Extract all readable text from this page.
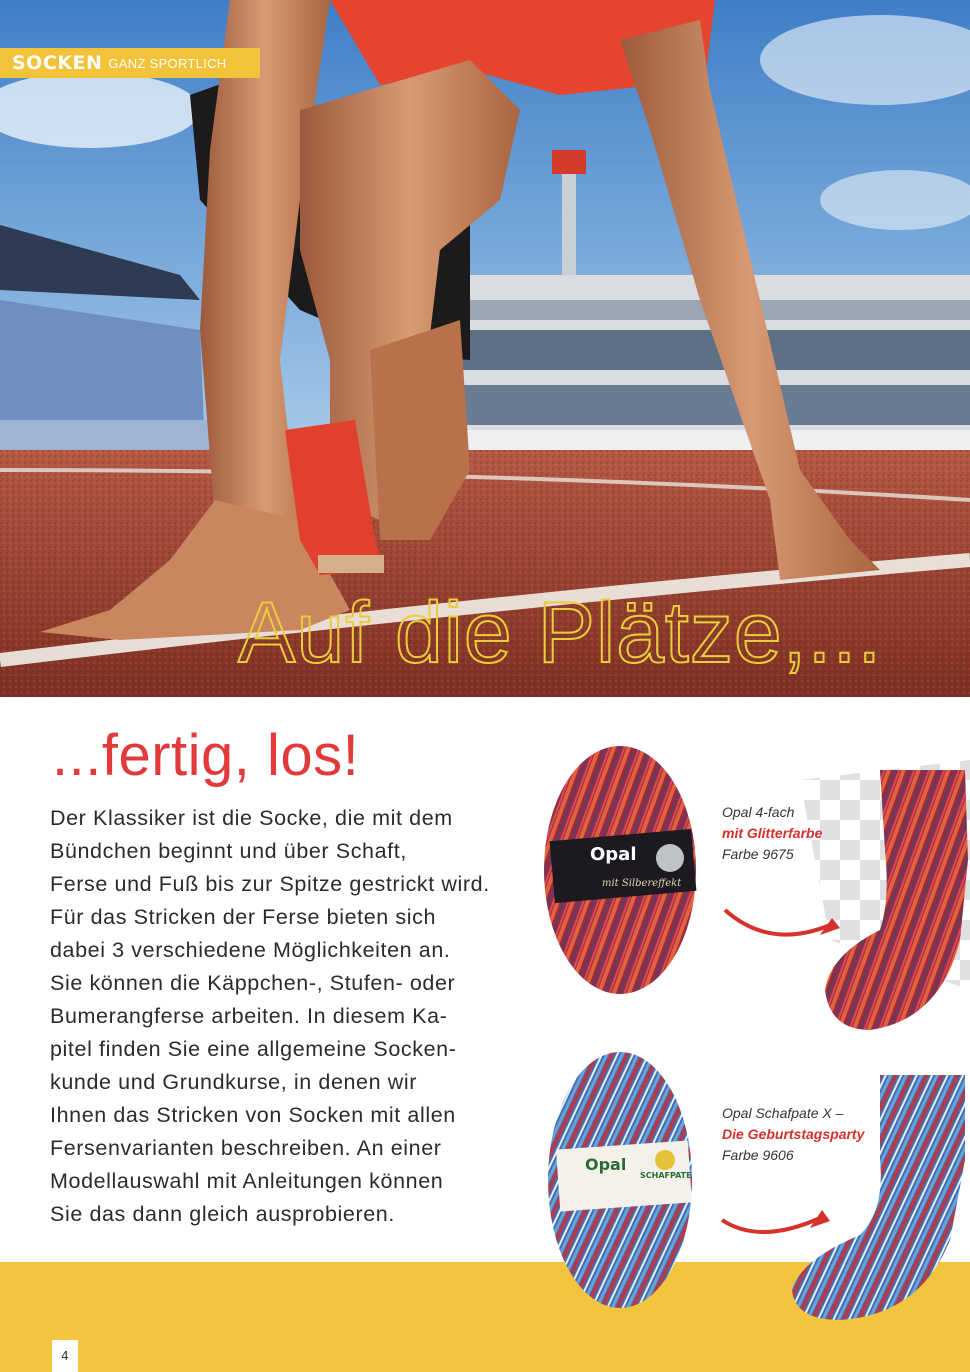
SOCKEN GANZ SPORTLICH
Auf die Plätze,...
...fertig, los!
Der Klassiker ist die Socke, die mit dem
Bündchen beginnt und über Schaft,
Ferse und Fuß bis zur Spitze gestrickt wird.
Für das Stricken der Ferse bieten sich
dabei 3 verschiedene Möglichkeiten an.
Sie können die Käppchen-, Stufen- oder
Bumerangferse arbeiten. In diesem Ka-
pitel finden Sie eine allgemeine Socken-
kunde und Grundkurse, in denen wir
Ihnen das Stricken von Socken mit allen
Fersenvarianten beschreiben. An einer
Modellauswahl mit Anleitungen können
Sie das dann gleich ausprobieren.
4
Opal
mit Silbereffekt
Opal
SCHAFPATE
Opal 4-fach
mit Glitterfarbe
Farbe 9675
Opal Schafpate X –
Die Geburtstagsparty
Farbe 9606
